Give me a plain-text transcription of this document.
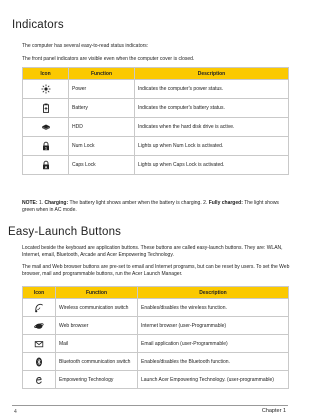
Indicators

The computer has several easy-to-read status indicators:

The front panel indicators are visible even when the computer cover is closed.

Icon	Function	Description
	Power	Indicates the computer's power status.
	Battery	Indicates the computer's battery status.
	HDD	Indicates when the hard disk drive is active.

1	Num Lock	Lights up when Num Lock is activated.

A	Caps Lock	Lights up when Caps Lock is activated.

NOTE: 1. Charging: The battery light shows amber when the battery is charging. 2. Fully charged: The light shows green when in AC mode.

Easy-Launch Buttons

Located beside the keyboard are application buttons. These buttons are called easy-launch buttons. They are: WLAN, Internet, email, Bluetooth, Arcade and Acer Empowering Technology.

The mail and Web browser buttons are pre-set to email and Internet programs, but can be reset by users. To set the Web browser, mail and programmable buttons, run the Acer Launch Manager.

Icon	Function	Description
	Wireless communication switch	Enables/disables the wireless function.
	Web browser	Internet browser (user-Programmable)
	Mail	Email application (user-Programmable)
	Bluetooth communication switch	Enables/disables the Bluetooth function.
	Empowering Technology	Launch Acer Empowering Technology. (user-programmable)
4	Chapter 1
